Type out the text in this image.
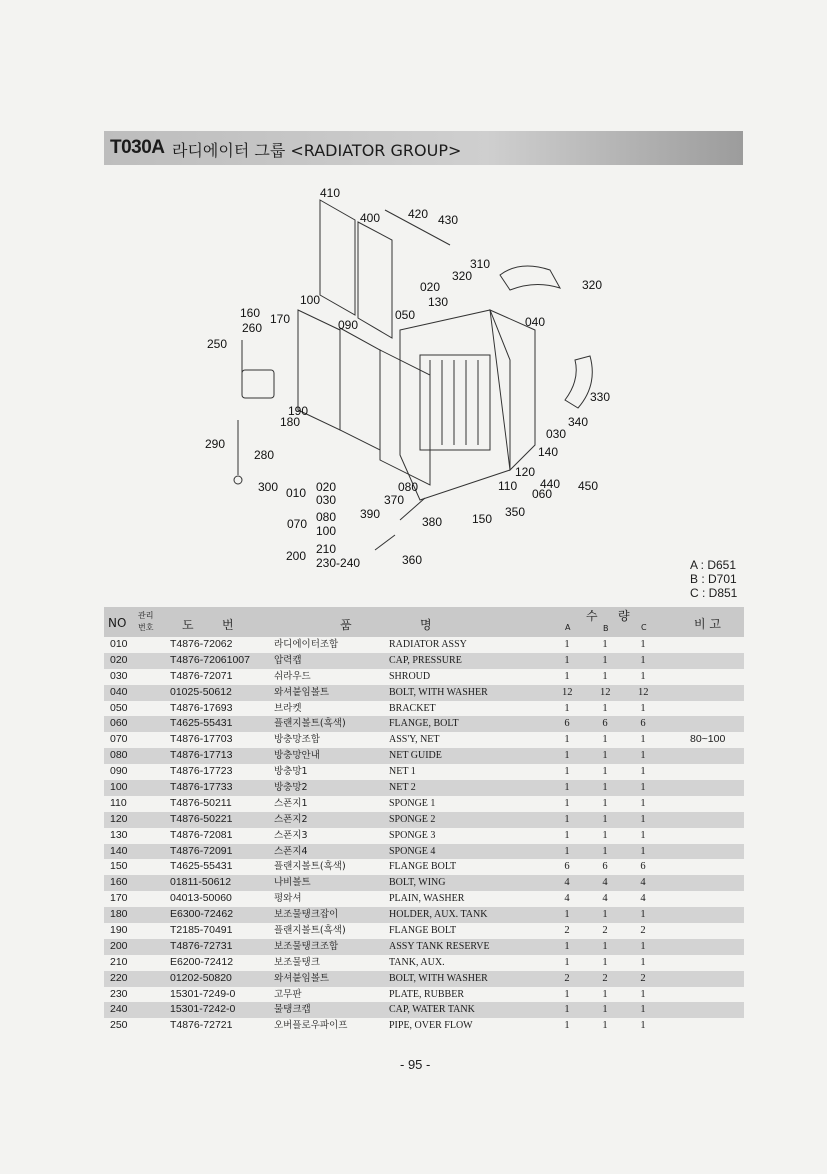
T030A 라디에이터 그룹 <RADIATOR GROUP>
410
400 420 430
310
320
320
020
130
050	040
100
090
160 170
260
250
330
340
030
140
190
180
290
280
120
110 440 450
060
300 010 020
030
080
370
390	350
070 080
100
380 150
200 210
230-240	360	A : D651
B : D701
C : D851
NO
관리
번호 도 번	품	명
수 량
A	B	C	비 고
010	T4876-72062	라디에이터조합	RADIATOR ASSY	1	1	1
020	T4876-72061007	압력캡	CAP, PRESSURE	1	1	1
030	T4876-72071	쉬라우드	SHROUD	1	1	1
040	01025-50612	와셔붙임볼트	BOLT, WITH WASHER	12	12	12
050	T4876-17693	브라켓	BRACKET	1	1	1
060	T4625-55431	플랜지볼트(흑색)	FLANGE, BOLT	6	6	6
070	T4876-17703	방충망조합	ASS'Y, NET	1	1	1	80~100
080	T4876-17713	방충망안내	NET GUIDE	1	1	1
090	T4876-17723	방충망1	NET 1	1	1	1
100	T4876-17733	방충망2	NET 2	1	1	1
110	T4876-50211	스폰지1	SPONGE 1	1	1	1
120	T4876-50221	스폰지2	SPONGE 2	1	1	1
130	T4876-72081	스폰지3	SPONGE 3	1	1	1
140	T4876-72091	스폰지4	SPONGE 4	1	1	1
150	T4625-55431	플랜지볼트(흑색)	FLANGE BOLT	6	6	6
160	01811-50612	나비볼트	BOLT, WING	4	4	4
170	04013-50060	평와셔	PLAIN, WASHER	4	4	4
180	E6300-72462	보조물탱크잡이	HOLDER, AUX. TANK	1	1	1
190	T2185-70491	플랜지볼트(흑색)	FLANGE BOLT	2	2	2
200	T4876-72731	보조물탱크조합	ASSY TANK RESERVE	1	1	1
210	E6200-72412	보조물탱크	TANK, AUX.	1	1	1
220	01202-50820	와셔붙임볼트	BOLT, WITH WASHER	2	2	2
230	15301-7249-0	고무판	PLATE, RUBBER	1	1	1
240	15301-7242-0	물탱크캡	CAP, WATER TANK	1	1	1
250	T4876-72721	오버플로우파이프	PIPE, OVER FLOW	1	1	1
- 95 -
